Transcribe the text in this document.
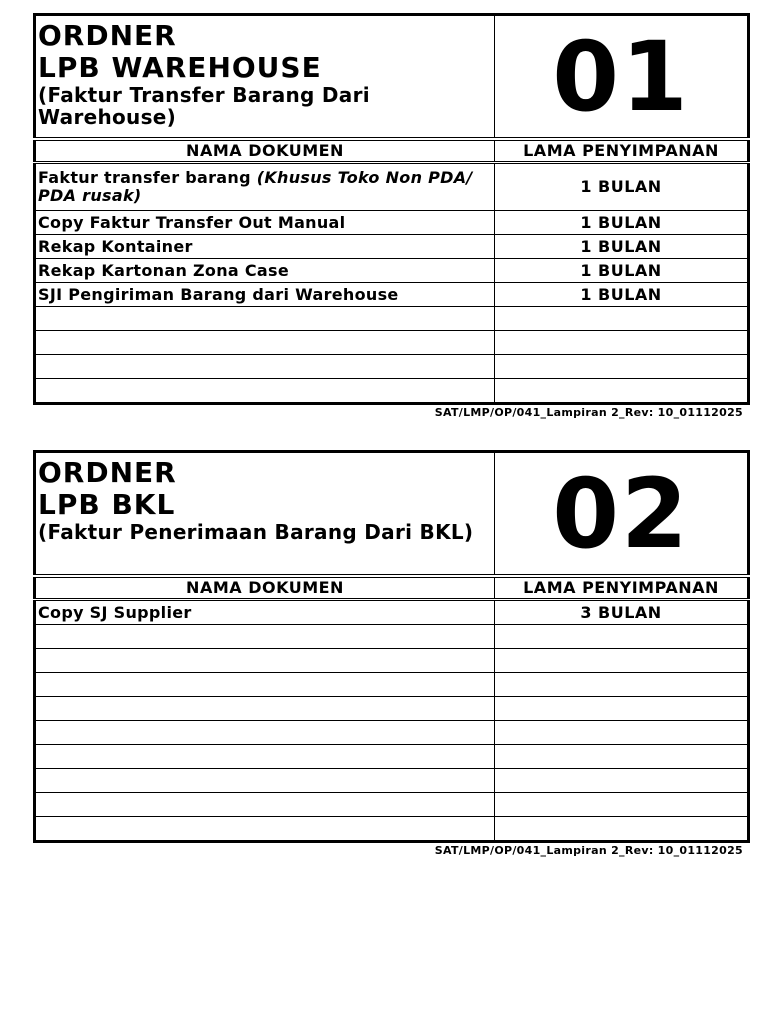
ORDNER
LPB WAREHOUSE
(Faktur Transfer Barang Dari Warehouse)	01
NAMA DOKUMEN	LAMA PENYIMPANAN
Faktur transfer barang (Khusus Toko Non PDA/ PDA rusak)	1 BULAN
Copy Faktur Transfer Out Manual	1 BULAN
Rekap Kontainer	1 BULAN
Rekap Kartonan Zona Case	1 BULAN
SJI Pengiriman Barang dari Warehouse	1 BULAN

SAT/LMP/OP/041_Lampiran 2_Rev: 10_01112025
ORDNER
LPB BKL
(Faktur Penerimaan Barang Dari BKL)	02
NAMA DOKUMEN	LAMA PENYIMPANAN
Copy SJ Supplier	3 BULAN

SAT/LMP/OP/041_Lampiran 2_Rev: 10_01112025
